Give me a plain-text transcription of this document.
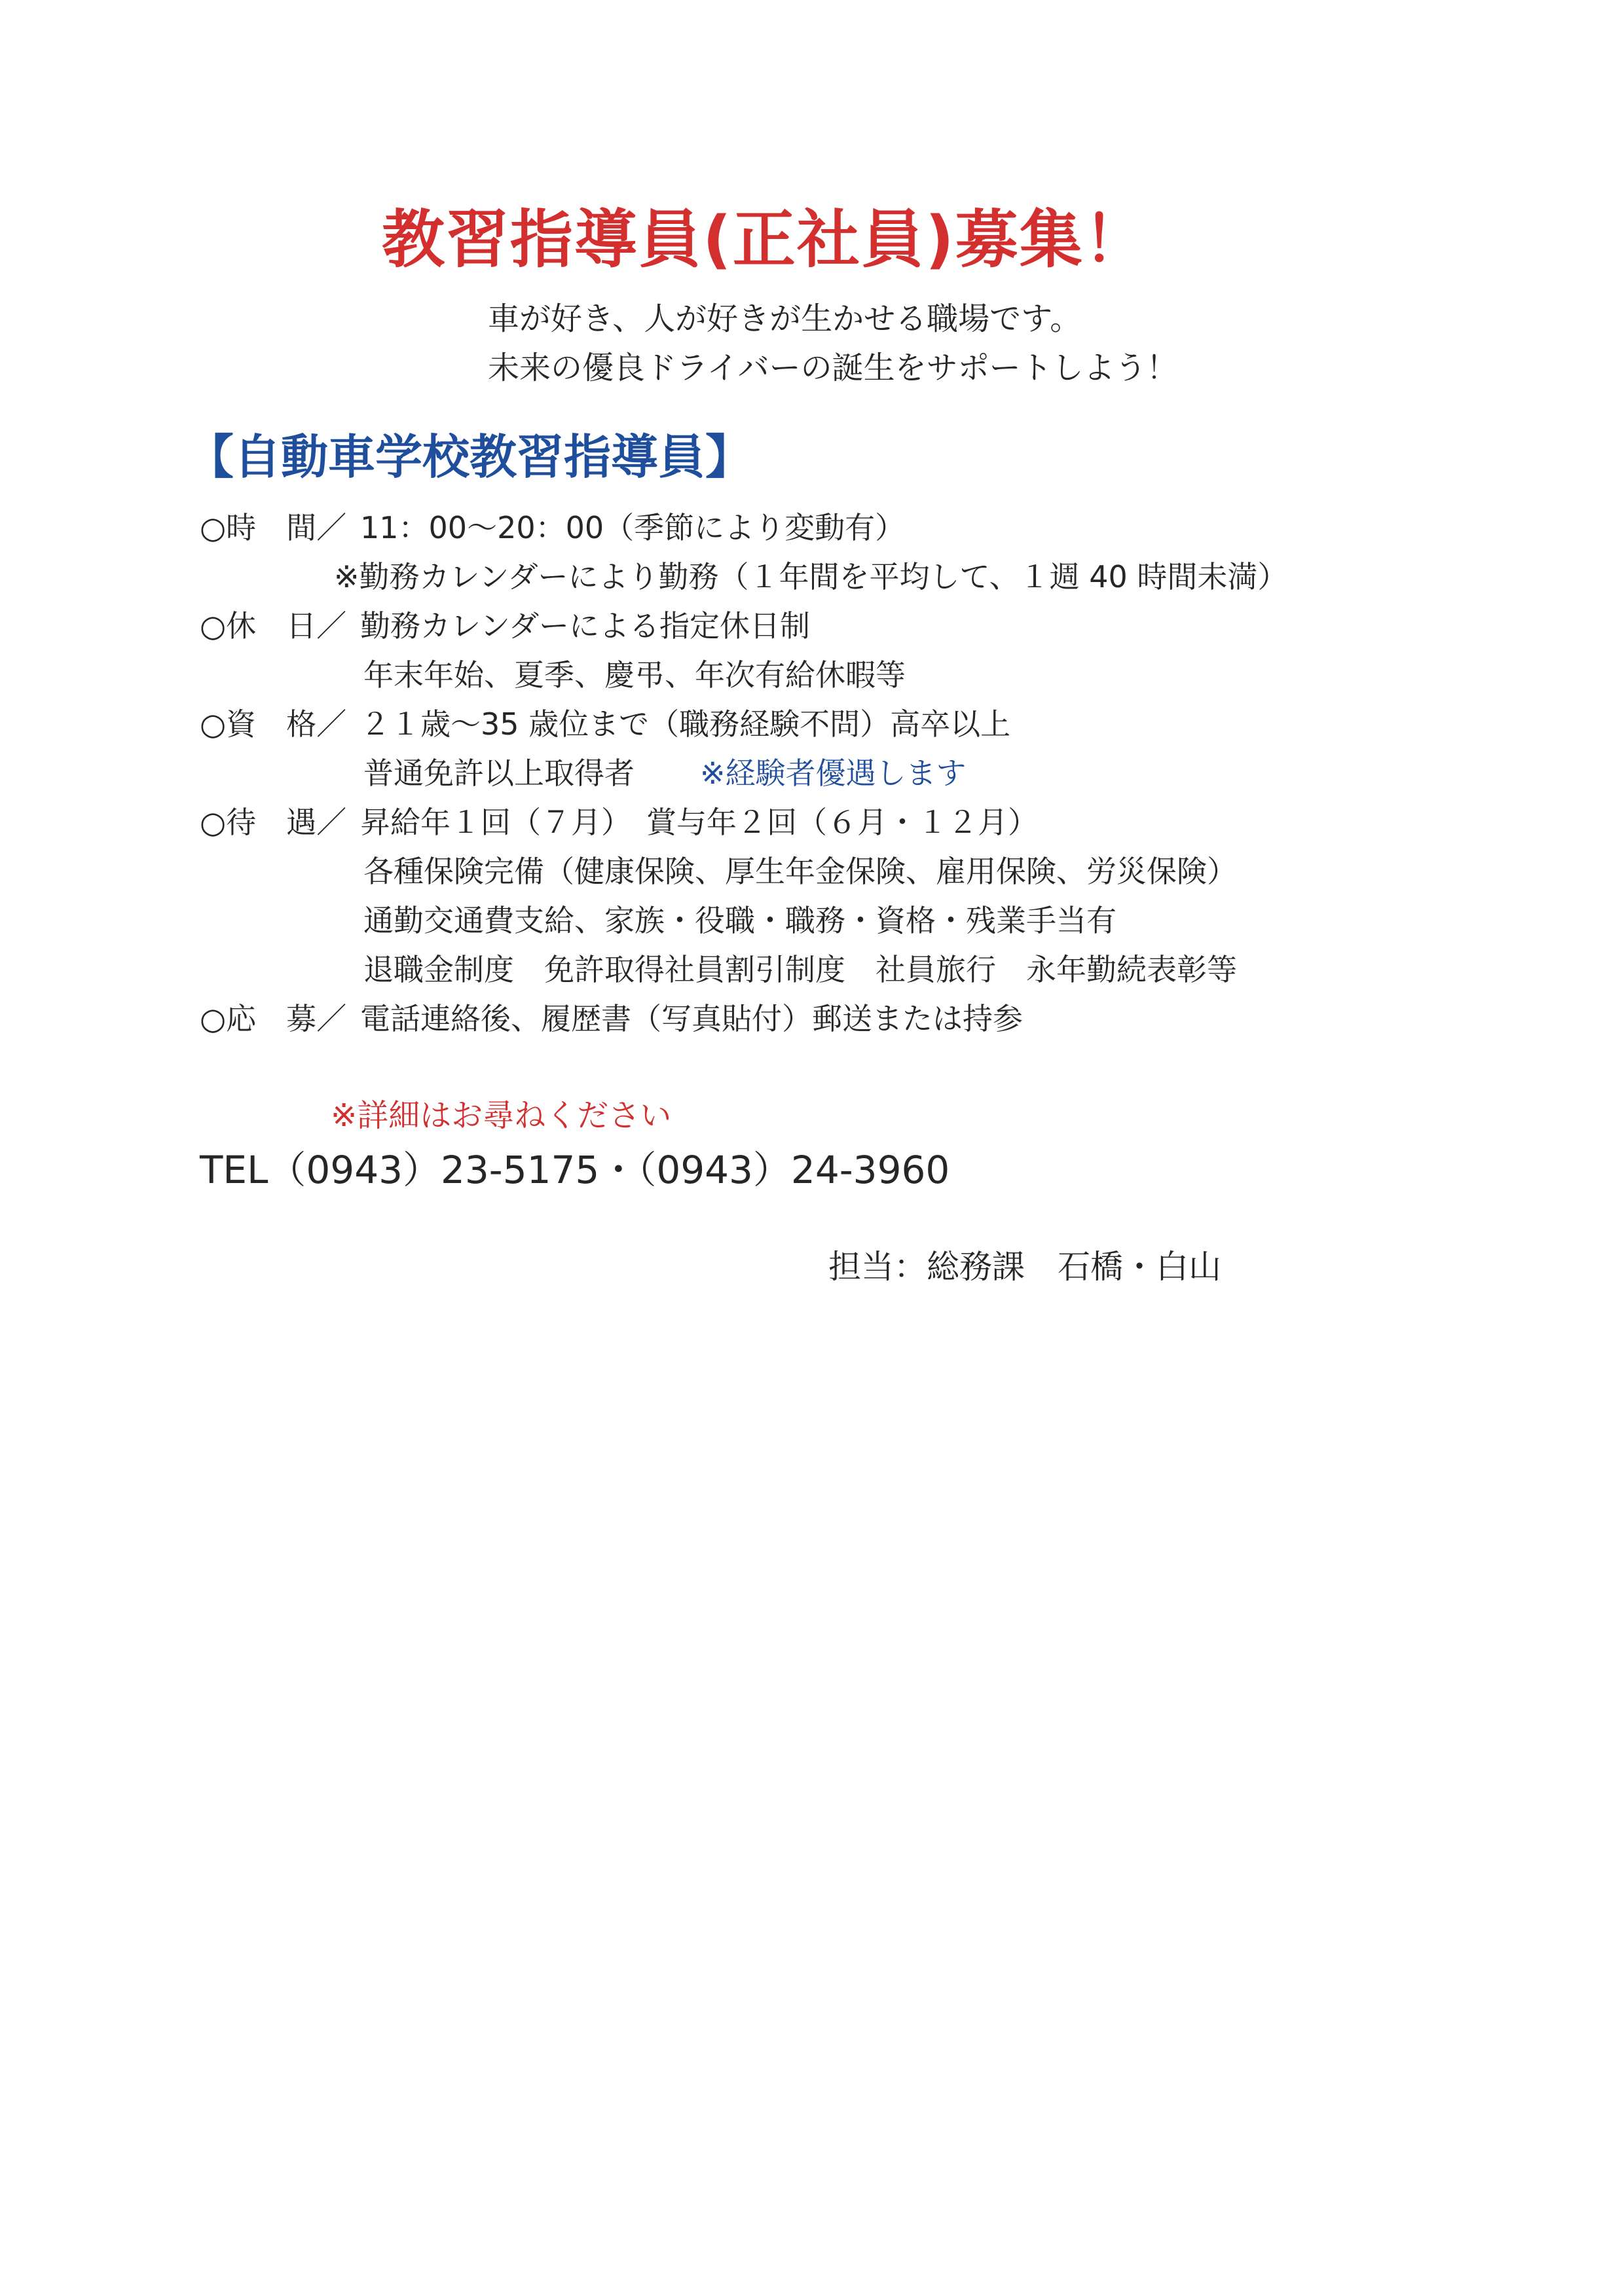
教習指導員(正社員)募集！
車が好き、人が好きが生かせる職場です。
未来の優良ドライバーの誕生をサポートしよう！
【自動車学校教習指導員】
○時　間／ 11：00～20：00（季節により変動有）
※勤務カレンダーにより勤務（１年間を平均して、１週 40 時間未満）
○休　日／ 勤務カレンダーによる指定休日制
年末年始、夏季、慶弔、年次有給休暇等
○資　格／ ２１歳～35 歳位まで（職務経験不問）高卒以上
普通免許以上取得者 ※経験者優遇します
○待　遇／ 昇給年１回（７月）　賞与年２回（６月・１２月）
各種保険完備（健康保険、厚生年金保険、雇用保険、労災保険）
通勤交通費支給、家族・役職・職務・資格・残業手当有
退職金制度　免許取得社員割引制度　社員旅行　永年勤続表彰等
○応　募／ 電話連絡後、履歴書（写真貼付）郵送または持参
※詳細はお尋ねください
TEL（0943）23-5175・（0943）24-3960
担当：総務課　石橋・白山
